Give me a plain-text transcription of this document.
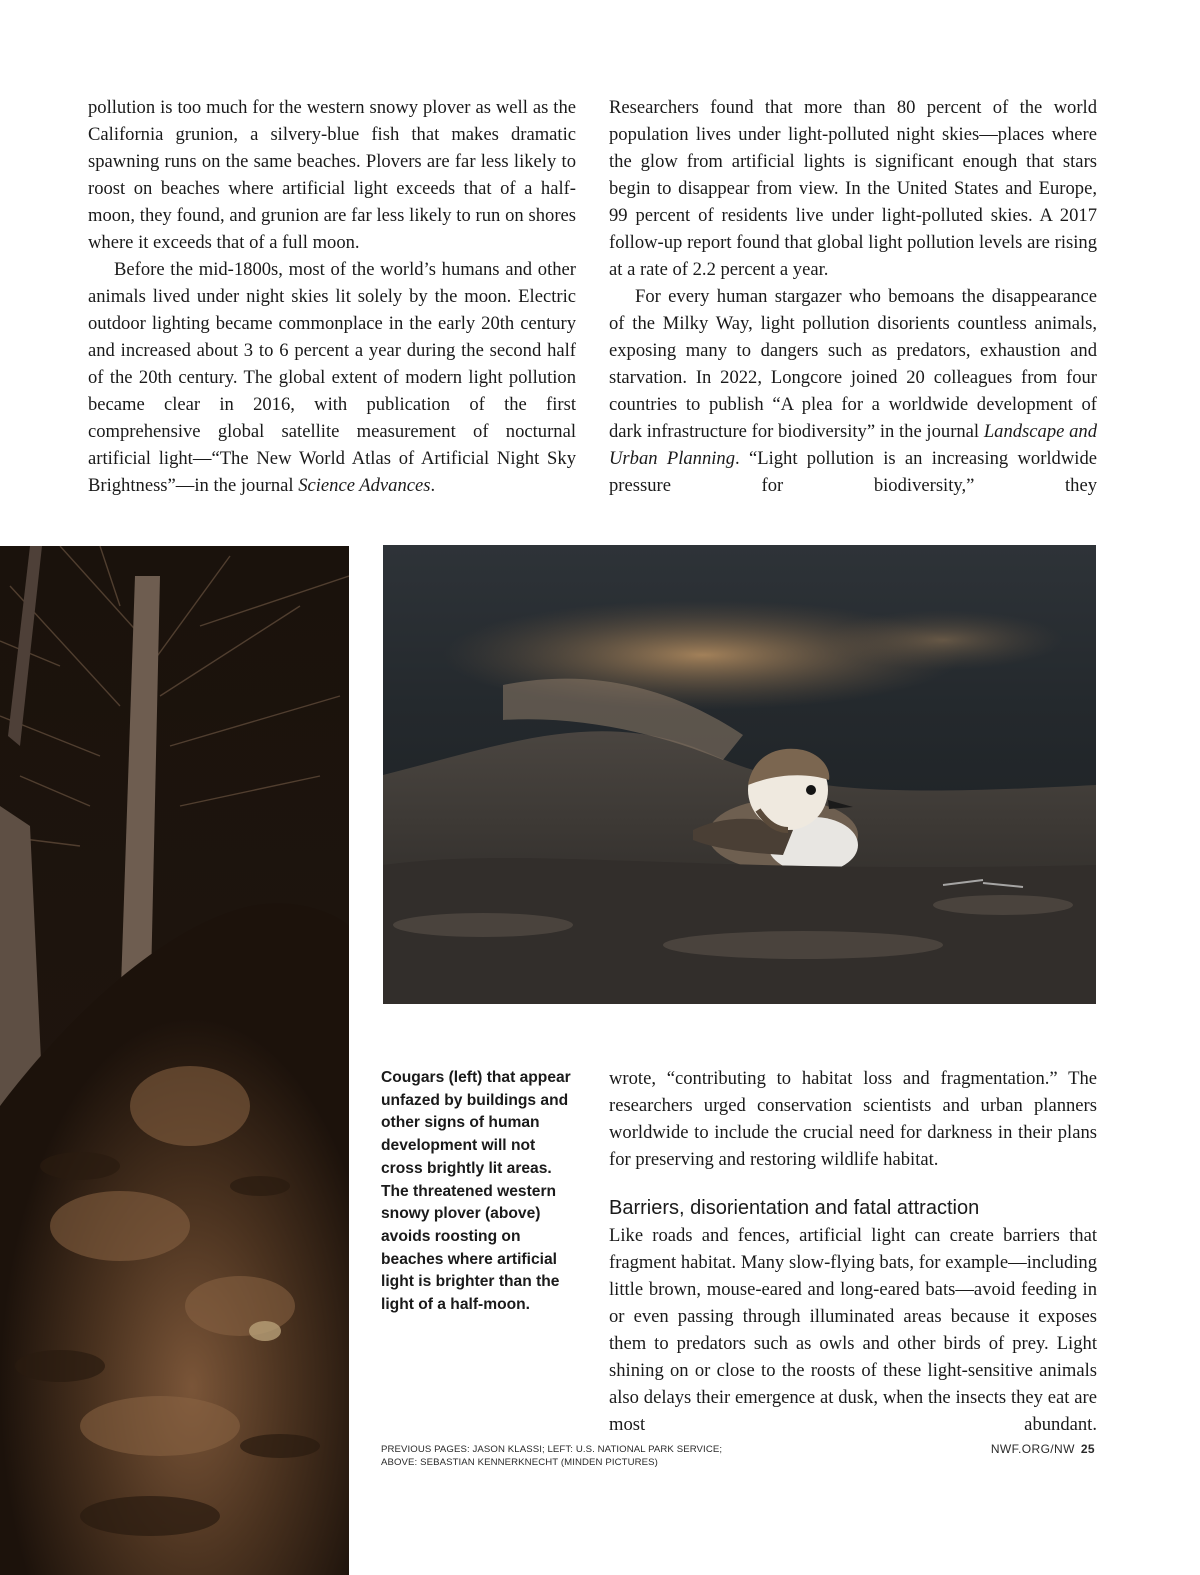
pollution is too much for the western snowy plover as well as the California grunion, a silvery-blue fish that makes dramatic spawning runs on the same beaches. Plovers are far less likely to roost on beaches where artificial light exceeds that of a half-moon, they found, and grunion are far less likely to run on shores where it exceeds that of a full moon.

Before the mid-1800s, most of the world’s humans and other animals lived under night skies lit solely by the moon. Electric outdoor lighting became commonplace in the early 20th century and increased about 3 to 6 percent a year during the second half of the 20th century. The global extent of modern light pollution became clear in 2016, with publication of the first comprehensive global satellite measurement of nocturnal artificial light—“The New World Atlas of Artificial Night Sky Brightness”—in the journal Science Advances.

Researchers found that more than 80 percent of the world population lives under light-polluted night skies—places where the glow from artificial lights is significant enough that stars begin to disappear from view. In the United States and Europe, 99 percent of residents live under light-polluted skies. A 2017 follow-up report found that global light pollution levels are rising at a rate of 2.2 percent a year.

For every human stargazer who bemoans the disappearance of the Milky Way, light pollution disorients countless animals, exposing many to dangers such as predators, exhaustion and starvation. In 2022, Longcore joined 20 colleagues from four countries to publish “A plea for a worldwide development of dark infrastructure for biodiversity” in the journal Landscape and Urban Planning. “Light pollution is an increasing worldwide pressure for biodiversity,” they

Cougars (left) that appear unfazed by buildings and other signs of human development will not cross brightly lit areas. The threatened western snowy plover (above) avoids roosting on beaches where artificial light is brighter than the light of a half-moon.

wrote, “contributing to habitat loss and fragmentation.” The researchers urged conservation scientists and urban planners worldwide to include the crucial need for darkness in their plans for preserving and restoring wildlife habitat.

Barriers, disorientation and fatal attraction

Like roads and fences, artificial light can create barriers that fragment habitat. Many slow-flying bats, for example—including little brown, mouse-eared and long-eared bats—avoid feeding in or even passing through illuminated areas because it exposes them to predators such as owls and other birds of prey. Light shining on or close to the roosts of these light-sensitive animals also delays their emergence at dusk, when the insects they eat are most abundant.

PREVIOUS PAGES: JASON KLASSI; LEFT: U.S. NATIONAL PARK SERVICE;
ABOVE: SEBASTIAN KENNERKNECHT (MINDEN PICTURES)
NWF.ORG/NW 25
